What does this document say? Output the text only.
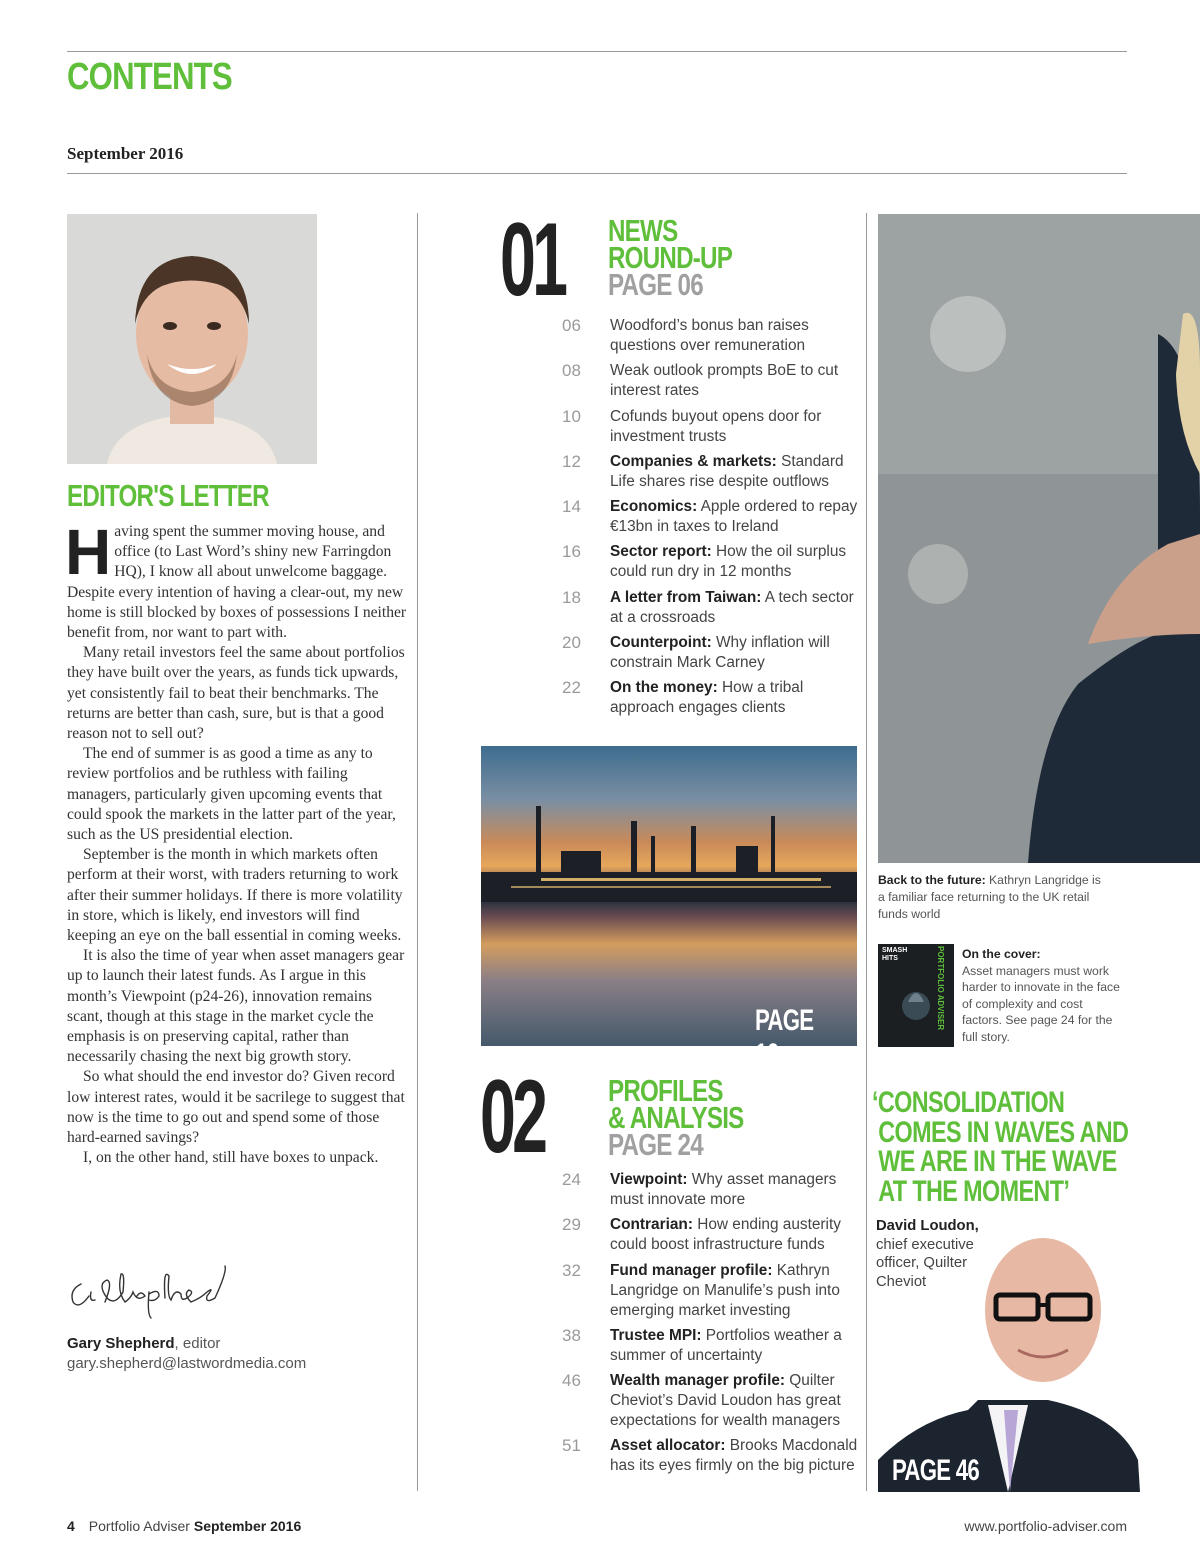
CONTENTS
September 2016
EDITOR'S LETTER

Having spent the summer moving house, and office (to Last Word’s shiny new Farringdon HQ), I know all about unwelcome baggage. Despite every intention of having a clear-out, my new home is still blocked by boxes of possessions I neither benefit from, nor want to part with.

Many retail investors feel the same about portfolios they have built over the years, as funds tick upwards, yet consistently fail to beat their benchmarks. The returns are better than cash, sure, but is that a good reason not to sell out?

The end of summer is as good a time as any to review portfolios and be ruthless with failing managers, particularly given upcoming events that could spook the markets in the latter part of the year, such as the US presidential election.

September is the month in which markets often perform at their worst, with traders returning to work after their summer holidays. If there is more volatility in store, which is likely, end investors will find keeping an eye on the ball essential in coming weeks.

It is also the time of year when asset managers gear up to launch their latest funds. As I argue in this month’s Viewpoint (p24-26), innovation remains scant, though at this stage in the market cycle the emphasis is on preserving capital, rather than necessarily chasing the next big growth story.

So what should the end investor do? Given record low interest rates, would it be sacrilege to suggest that now is the time to go out and spend some of those hard-earned savings?

I, on the other hand, still have boxes to unpack.

Gary Shepherd, editor
gary.shepherd@lastwordmedia.com
01 NEWS
ROUND-UP
PAGE 06
06 Woodford’s bonus ban raises questions over remuneration
08 Weak outlook prompts BoE to cut interest rates
10 Cofunds buyout opens door for investment trusts
12 Companies & markets: Standard Life shares rise despite outflows
14 Economics: Apple ordered to repay €13bn in taxes to Ireland
16 Sector report: How the oil surplus could run dry in 12 months
18 A letter from Taiwan: A tech sector at a crossroads
20 Counterpoint: Why inflation will constrain Mark Carney
22 On the money: How a tribal approach engages clients
PAGE 16
02 PROFILES
& ANALYSIS
PAGE 24
24 Viewpoint: Why asset managers must innovate more
29 Contrarian: How ending austerity could boost infrastructure funds
32 Fund manager profile: Kathryn Langridge on Manulife’s push into emerging market investing
38 Trustee MPI: Portfolios weather a summer of uncertainty
46 Wealth manager profile: Quilter Cheviot’s David Loudon has great expectations for wealth managers
51 Asset allocator: Brooks Macdonald has its eyes firmly on the big picture
Back to the future: Kathryn Langridge is a familiar face returning to the UK retail funds world
SMASH HITS	PORTFOLIO ADVISER On the cover:
Asset managers must work harder to innovate in the face of complexity and cost factors. See page 24 for the full story.
‘CONSOLIDATION
COMES IN WAVES AND
WE ARE IN THE WAVE
AT THE MOMENT’
PAGE 46
David Loudon,
chief executive officer, Quilter Cheviot
4 Portfolio Adviser September 2016	www.portfolio-adviser.com
